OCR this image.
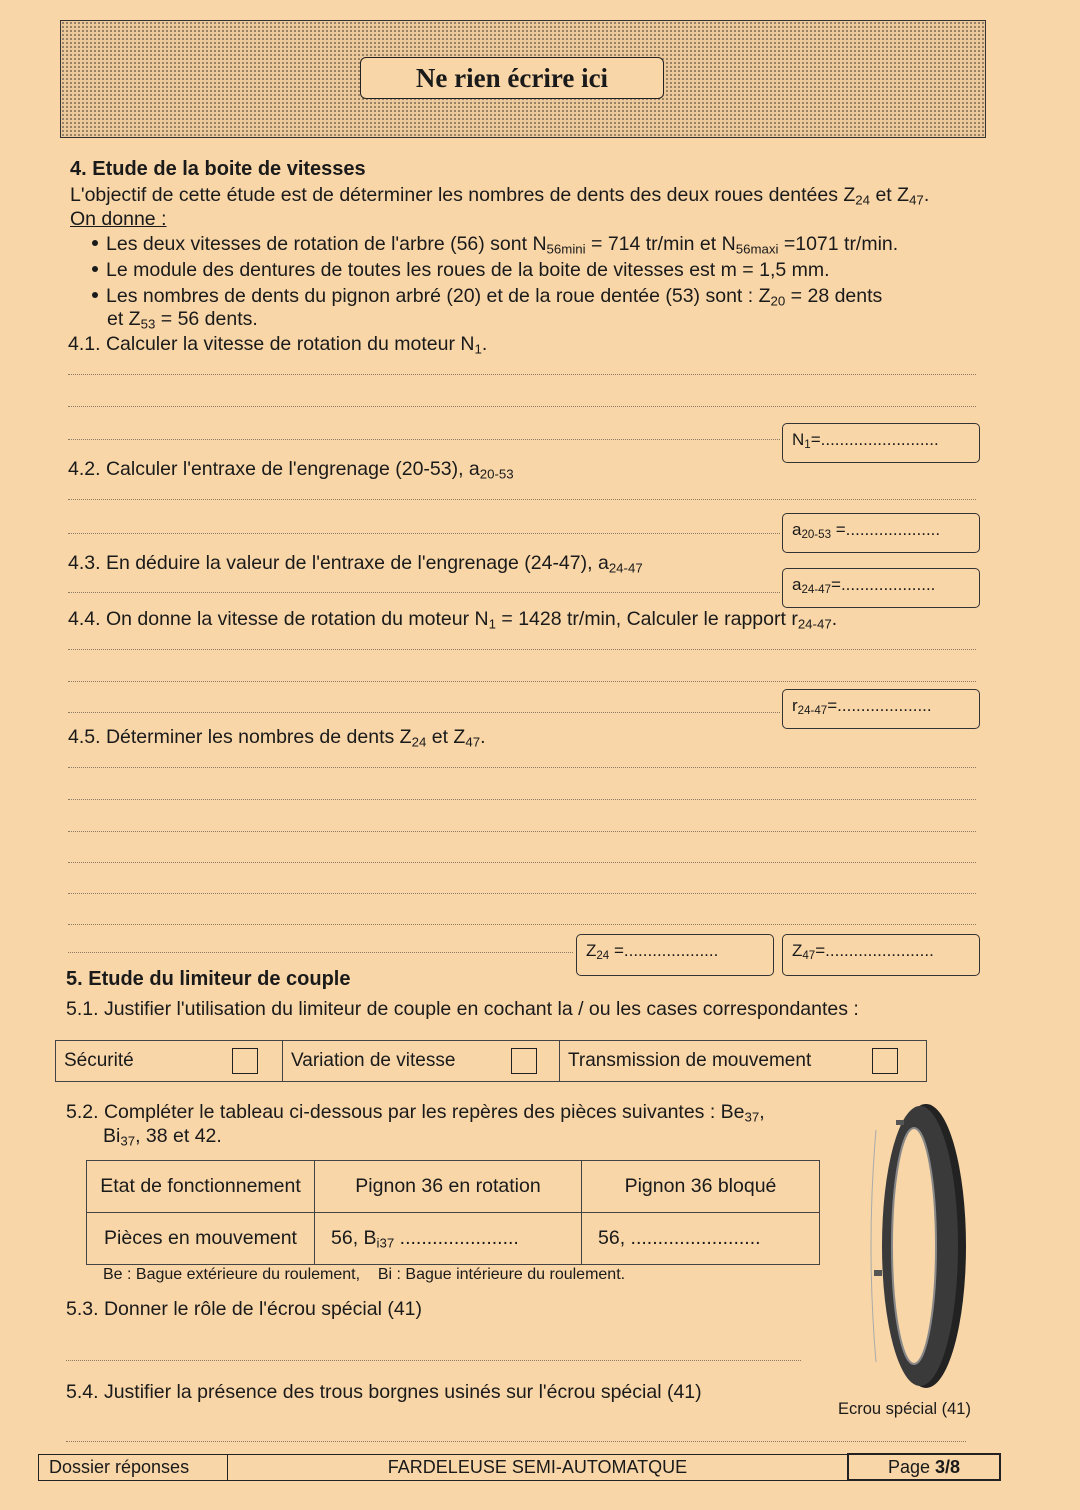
Ne rien écrire ici
4. Etude de la boite de vitesses
L'objectif de cette étude est de déterminer les nombres de dents des deux roues dentées $Z_{24}$ et $Z_{47}$.
On donne :
Les deux vitesses de rotation de l'arbre (56) sont $N_{56mini} = 714$ tr/min et $N_{56maxi} =1071$ tr/min.
Le module des dentures de toutes les roues de la boite de vitesses est m = 1,5 mm.
Les nombres de dents du pignon arbré (20) et de la roue dentée (53) sont : $Z_{20} = 28$ dents
et $Z_{53} = 56$ dents.
4.1. Calculer la vitesse de rotation du moteur $N_1$.
$N_1=$.........................
4.2. Calculer l'entraxe de l'engrenage (20-53), $a_{20-53}$
$a_{20-53}$ =....................
4.3. En déduire la valeur de l'entraxe de l'engrenage (24-47), $a_{24-47}$
$a_{24-47}=$....................
4.4. On donne la vitesse de rotation du moteur $N_1 = 1428$ tr/min, Calculer le rapport $r_{24-47}$.
$r_{24-47}=$....................
4.5. Déterminer les nombres de dents $Z_{24}$ et $Z_{47}$.
$Z_{24}$ =....................	$Z_{47}=$.......................
5. Etude du limiteur de couple
5.1. Justifier l'utilisation du limiteur de couple en cochant la / ou les cases correspondantes :
Sécurité	Variation de vitesse	Transmission de mouvement
5.2. Compléter le tableau ci-dessous par les repères des pièces suivantes : $Be_{37}$,
$Bi_{37}$, 38 et 42.
Etat de fonctionnement	Pignon 36 en rotation	Pignon 36 bloqué
Pièces en mouvement	56, $B_{i37}$ ......................	56, ........................
Be : Bague extérieure du roulement,    Bi : Bague intérieure du roulement.
5.3. Donner le rôle de l'écrou spécial (41)
5.4. Justifier la présence des trous borgnes usinés sur l'écrou spécial (41)
Ecrou spécial (41)
Dossier réponses	FARDELEUSE SEMI-AUTOMATQUE	Page 3/8
